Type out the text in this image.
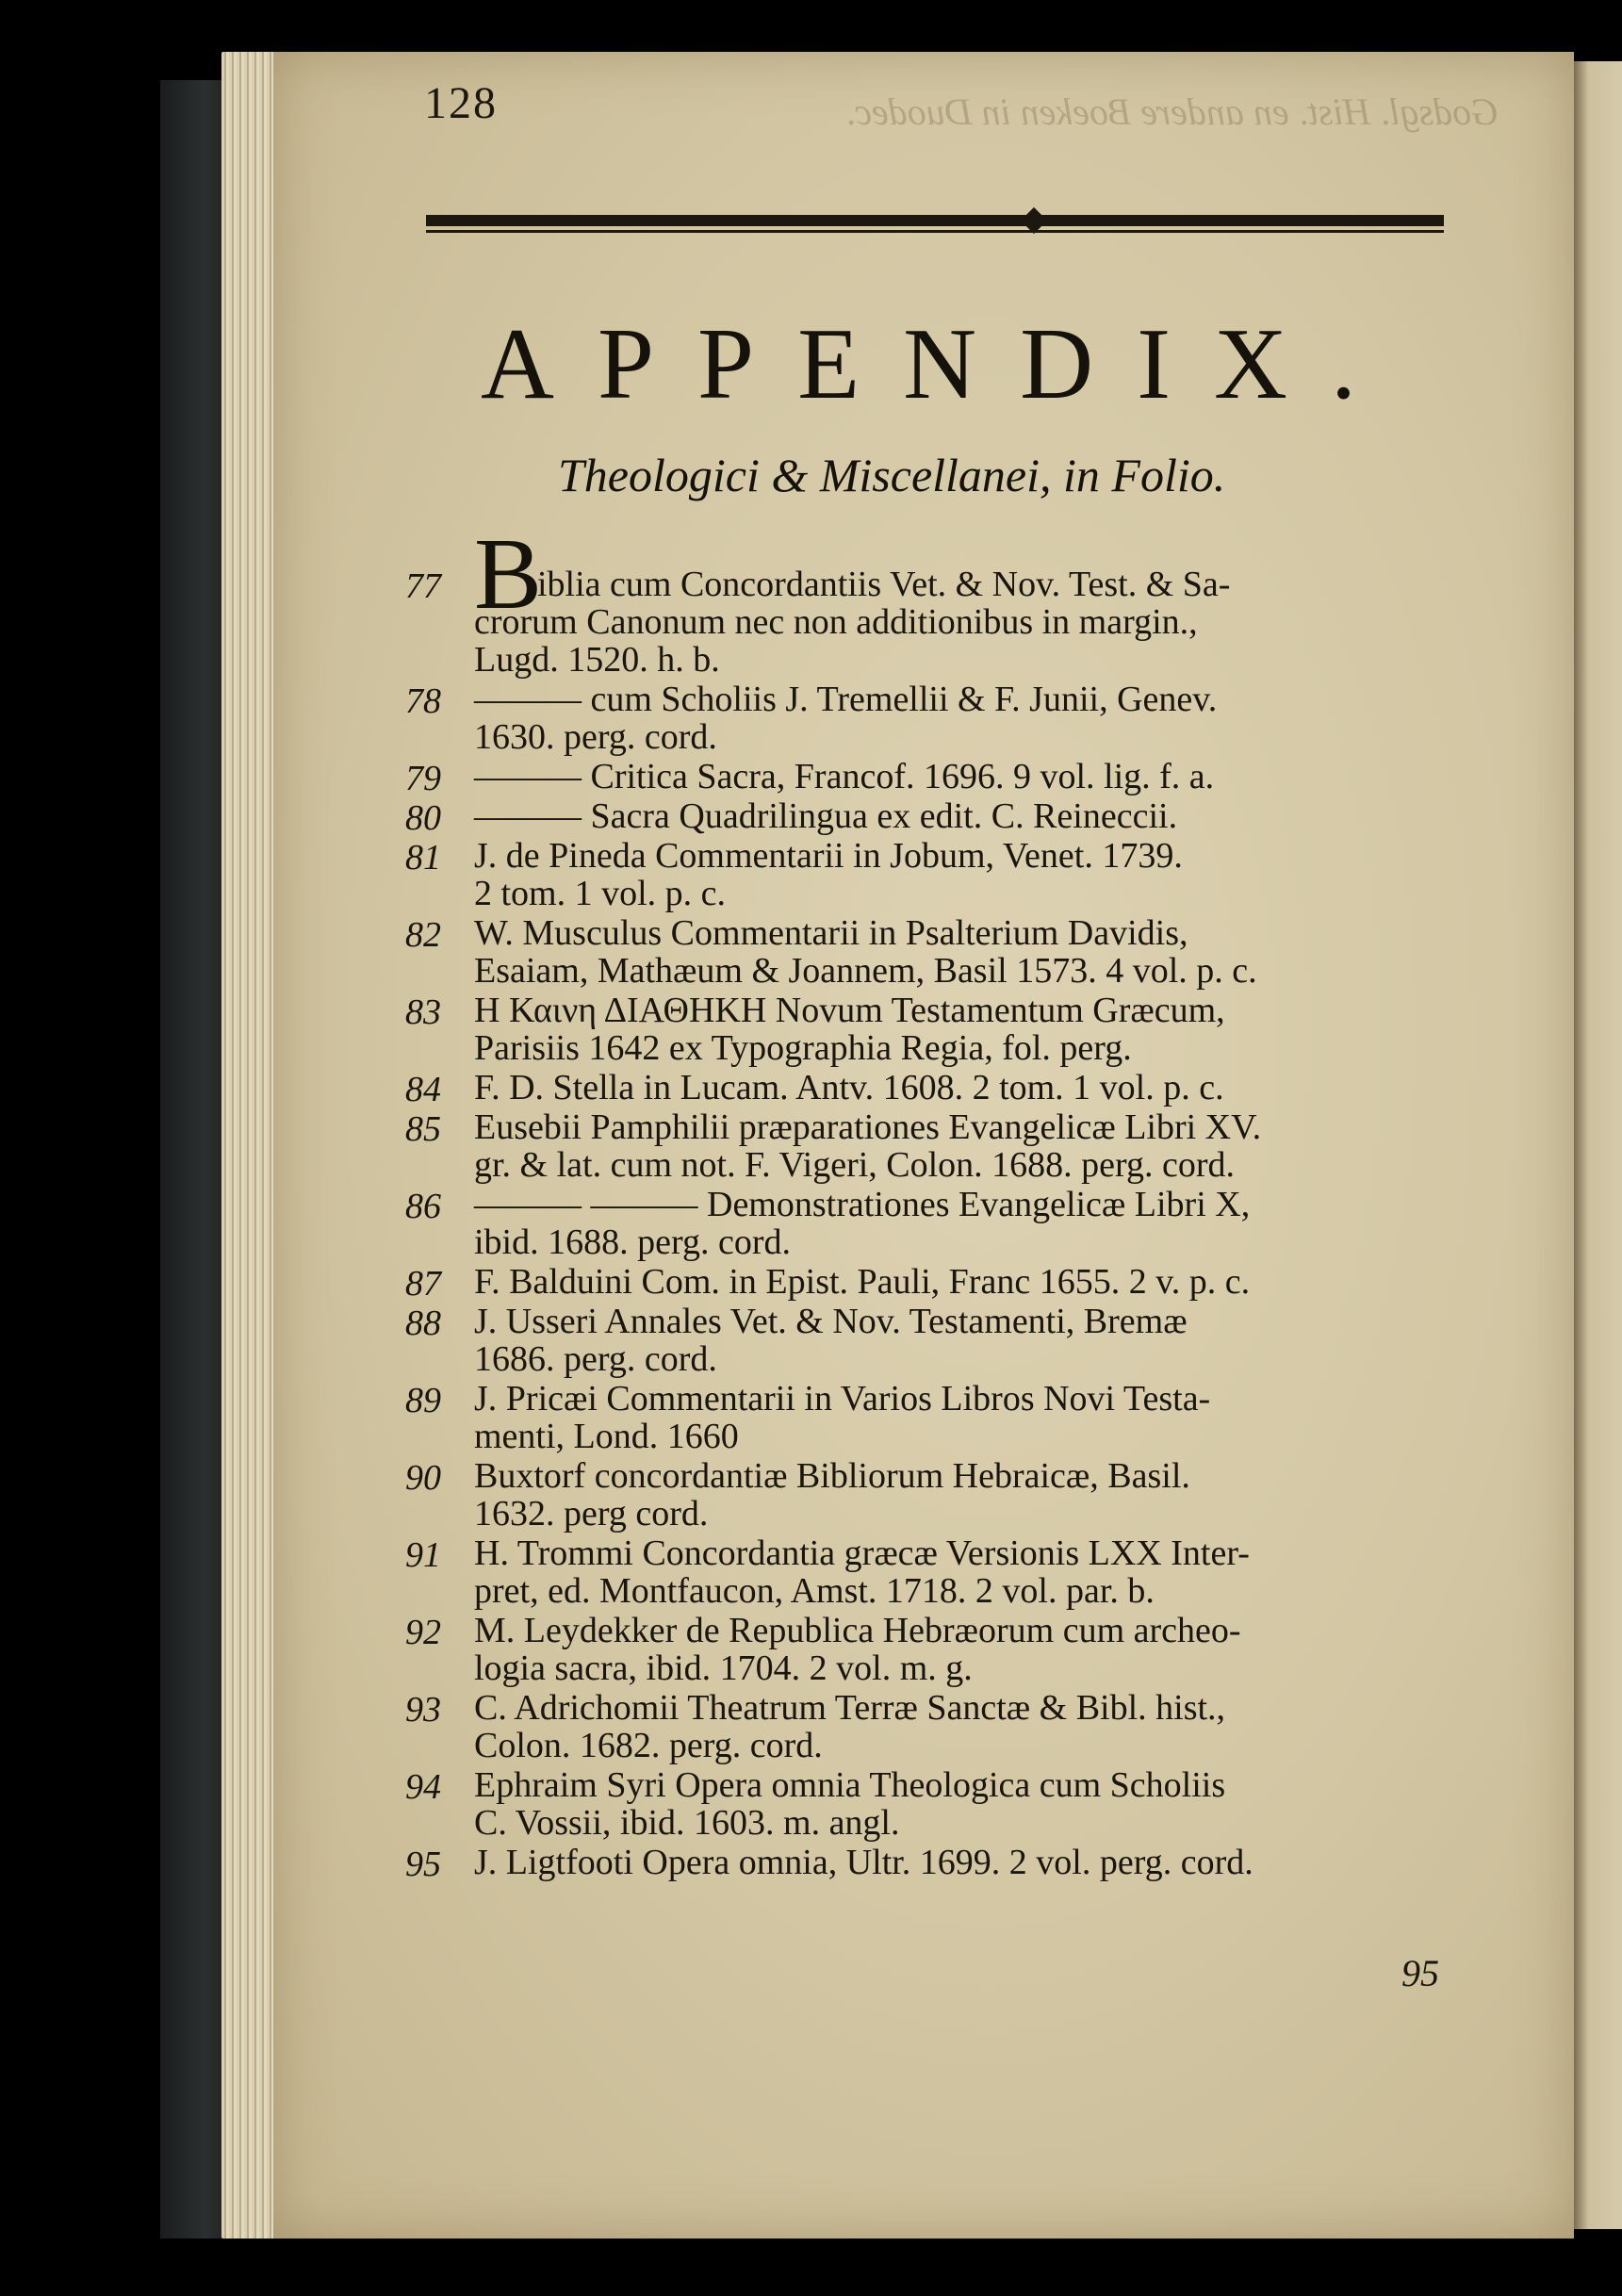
Godsgl. Hist. en andere Boeken in Duodec.
128
APPENDIX.
Theologici & Miscellanei, in Folio.
B
77	iblia cum Concordantiis Vet. & Nov. Test. & Sa-
crorum Canonum nec non additionibus in margin.,
Lugd. 1520. h. b.
78 ——— cum Scholiis J. Tremellii & F. Junii, Genev.
1630. perg. cord.
79 ——— Critica Sacra, Francof. 1696. 9 vol. lig. f. a.
80 ——— Sacra Quadrilingua ex edit. C. Reineccii.
81 J. de Pineda Commentarii in Jobum, Venet. 1739.
2 tom. 1 vol. p. c.
82 W. Musculus Commentarii in Psalterium Davidis,
Esaiam, Mathæum & Joannem, Basil 1573. 4 vol. p. c.
83 Η Καινη ΔΙΑΘΗΚΗ Novum Testamentum Græcum,
Parisiis 1642 ex Typographia Regia, fol. perg.
84 F. D. Stella in Lucam. Antv. 1608. 2 tom. 1 vol. p. c.
85 Eusebii Pamphilii præparationes Evangelicæ Libri XV.
gr. & lat. cum not. F. Vigeri, Colon. 1688. perg. cord.
86 ——— ——— Demonstrationes Evangelicæ Libri X,
ibid. 1688. perg. cord.
87 F. Balduini Com. in Epist. Pauli, Franc 1655. 2 v. p. c.
88 J. Usseri Annales Vet. & Nov. Testamenti, Bremæ
1686. perg. cord.
89 J. Pricæi Commentarii in Varios Libros Novi Testa-
menti, Lond. 1660
90 Buxtorf concordantiæ Bibliorum Hebraicæ, Basil.
1632. perg cord.
91 H. Trommi Concordantia græcæ Versionis LXX Inter-
pret, ed. Montfaucon, Amst. 1718. 2 vol. par. b.
92 M. Leydekker de Republica Hebræorum cum archeo-
logia sacra, ibid. 1704. 2 vol. m. g.
93 C. Adrichomii Theatrum Terræ Sanctæ & Bibl. hist.,
Colon. 1682. perg. cord.
94 Ephraim Syri Opera omnia Theologica cum Scholiis
C. Vossii, ibid. 1603. m. angl.
95 J. Ligtfooti Opera omnia, Ultr. 1699. 2 vol. perg. cord.
95
